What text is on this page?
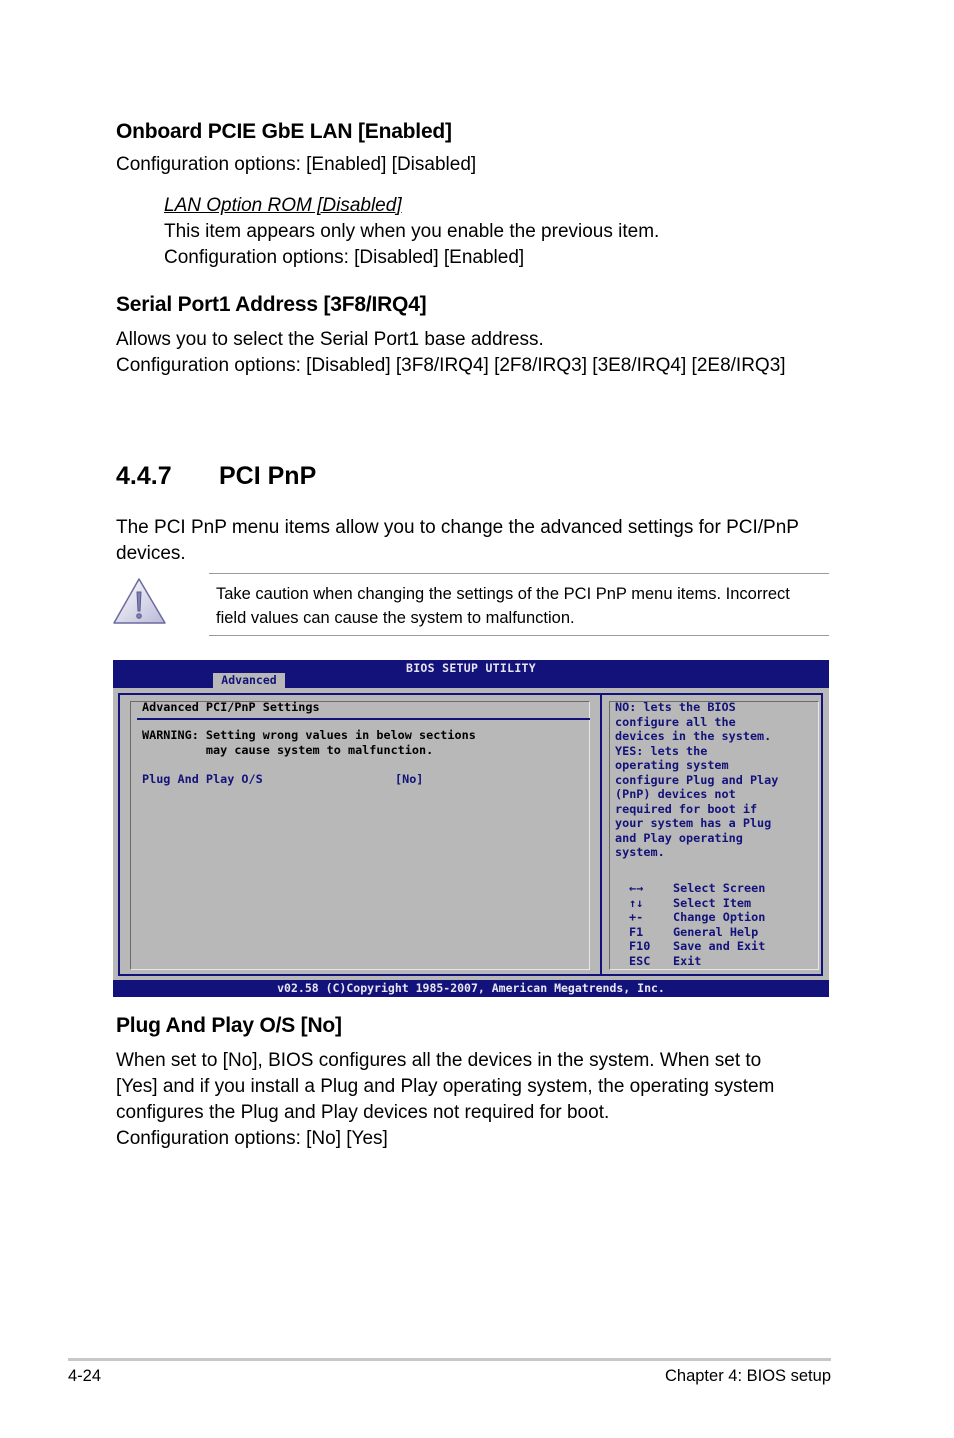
Onboard PCIE GbE LAN [Enabled]
Configuration options: [Enabled] [Disabled]
LAN Option ROM [Disabled]
This item appears only when you enable the previous item.
Configuration options: [Disabled] [Enabled]
Serial Port1 Address [3F8/IRQ4]
Allows you to select the Serial Port1 base address.
Configuration options: [Disabled] [3F8/IRQ4] [2F8/IRQ3] [3E8/IRQ4] [2E8/IRQ3]
4.4.7 PCI PnP
The PCI PnP menu items allow you to change the advanced settings for PCI/PnP
devices.
Take caution when changing the settings of the PCI PnP menu items. Incorrect
field values can cause the system to malfunction.
BIOS SETUP UTILITY
Advanced
Advanced PCI/PnP Settings
WARNING: Setting wrong values in below sections
may cause system to malfunction.
Plug And Play O/S	[No]
NO: lets the BIOS
configure all the
devices in the system.
YES: lets the
operating system
configure Plug and Play
(PnP) devices not
required for boot if
your system has a Plug
and Play operating
system.
←→	Select Screen
↑↓	Select Item
+-	Change Option
F1	General Help
F10	Save and Exit
ESC	Exit
v02.58 (C)Copyright 1985-2007, American Megatrends, Inc.
Plug And Play O/S [No]
When set to [No], BIOS configures all the devices in the system. When set to
[Yes] and if you install a Plug and Play operating system, the operating system
configures the Plug and Play devices not required for boot.
Configuration options: [No] [Yes]
4-24	Chapter 4: BIOS setup
